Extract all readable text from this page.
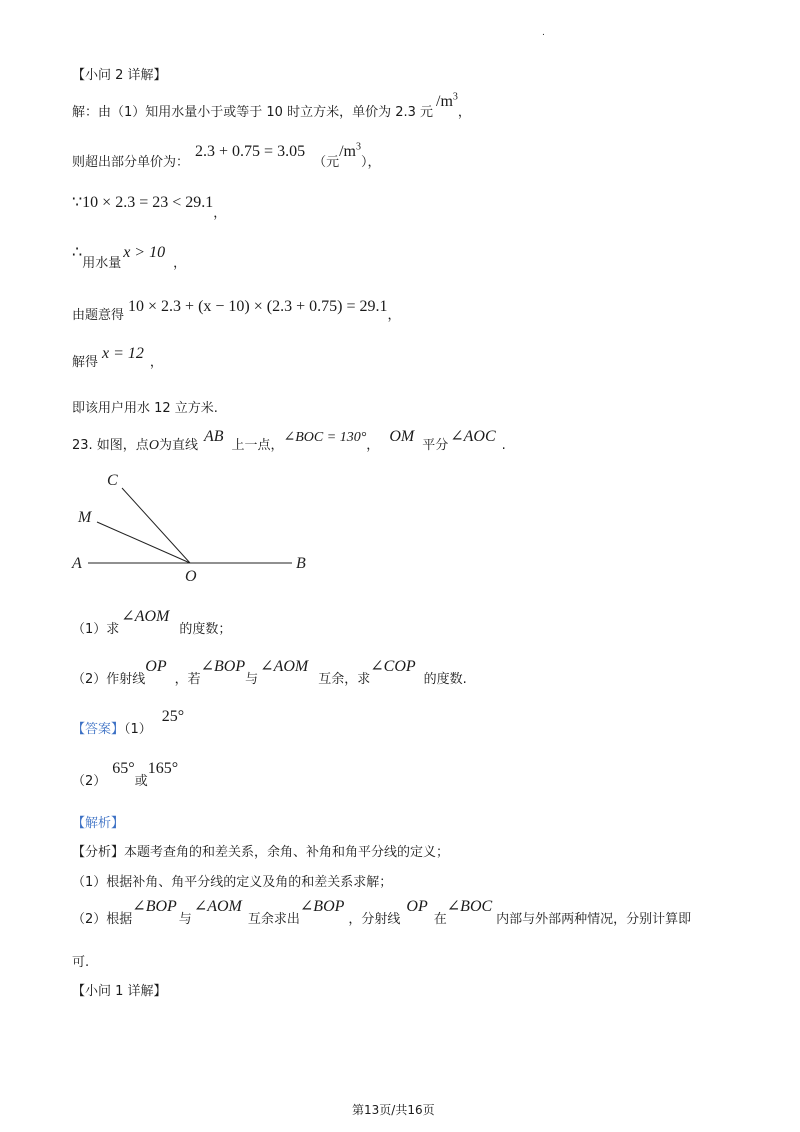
.
【小问 2 详解】
$_{解:由(1)知用水量小于或等于 10 时立方米,单价为 2.3 元}/m^3_,$
$_{则超出部分单价为:}2.3 + 0.75 = 3.05_{(元}/m^3_{),}$
∵10 × $2.3 = 23 < 29.1_,$
$\therefore_{用水量}x > 10_,$
$_{由题意得}10 \times 2.3 + (x - 10) \times (2.3 + 0.75) = 29.1_,$
$_{解得}x = 12_,$
即该用户用水 12 立方米.
$_{23. 如图,点}O_{为直线}AB_{上一点,}\angle BOC$ = $130^\circ_,OM_{平分}\angle AOC_.$
C
M
A
O
B
$_{(1)求}\angle AOM_{的度数;}$
$_{(2)作射线}OP_{,若}\angle BOP_与\angle AOM_{互余,求}\angle COP_{的度数.}$
$_{【答案】(1)}$25°
$_{(2)}65^\circ_或165^\circ$
【解析】
【分析】本题考查角的和差关系，余角、补角和角平分线的定义；
（1）根据补角、角平分线的定义及角的和差关系求解；
$_{(2)根据}\angle BOP_与\angle AOM_{互余求出}\angle BOP_{,分射线}OP_在\angle BOC_{内部与外部两种情况,分别计算即}$
可.
【小问 1 详解】
第13页/共16页
